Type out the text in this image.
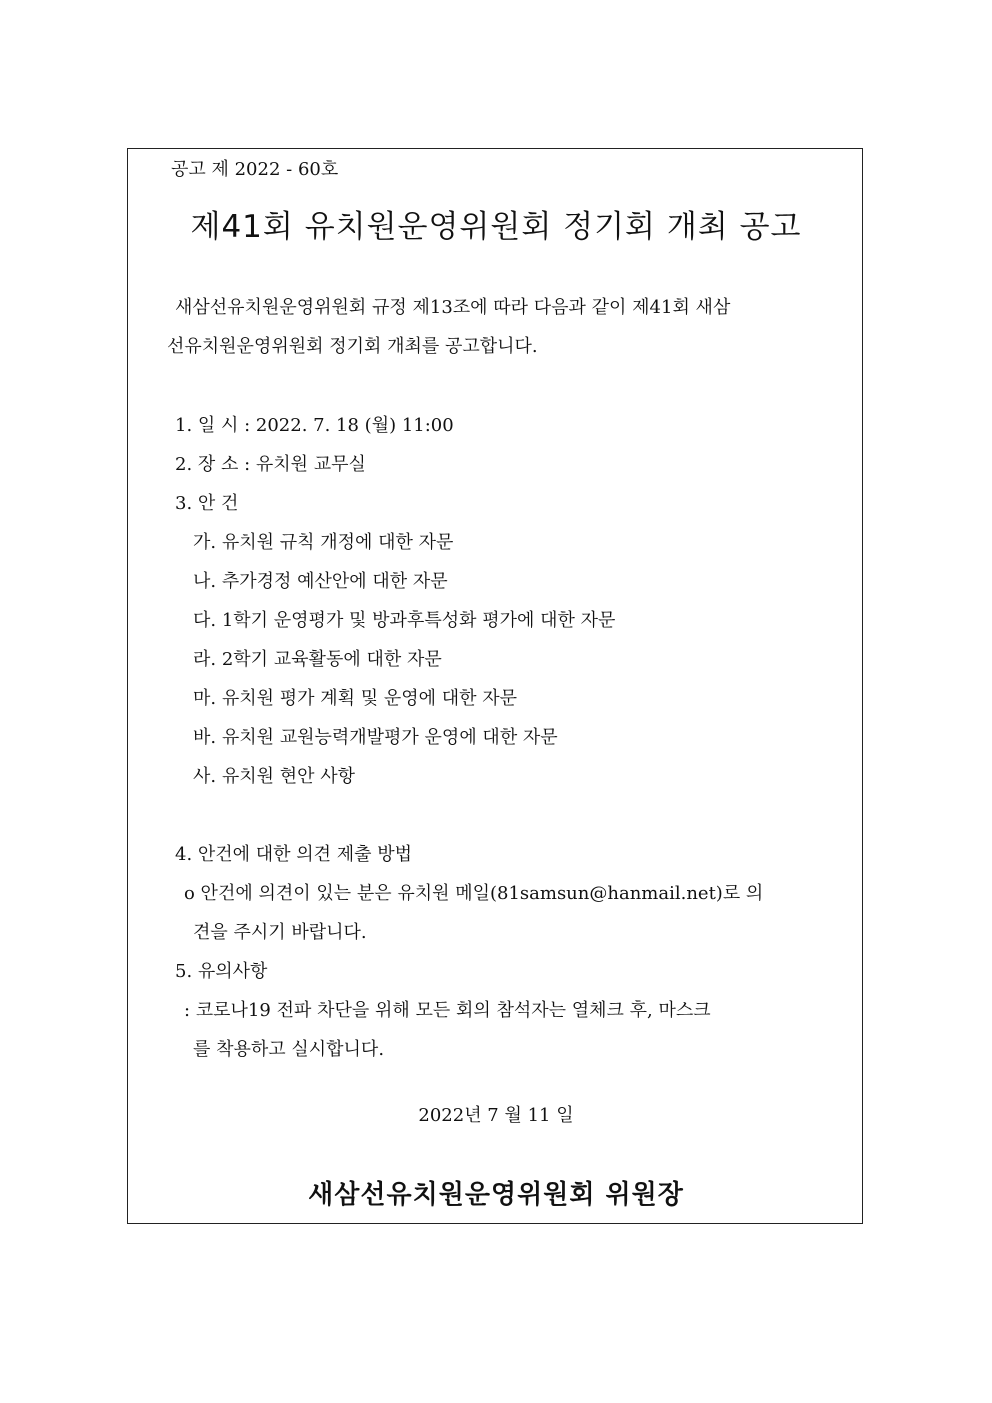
공고 제 2022 - 60호
제41회 유치원운영위원회 정기회 개최 공고
새삼선유치원운영위원회 규정 제13조에 따라 다음과 같이 제41회 새삼
선유치원운영위원회 정기회 개최를 공고합니다.
1. 일 시 : 2022. 7. 18 (월) 11:00
2. 장 소 : 유치원 교무실
3. 안 건
가. 유치원 규칙 개정에 대한 자문
나. 추가경정 예산안에 대한 자문
다. 1학기 운영평가 및 방과후특성화 평가에 대한 자문
라. 2학기 교육활동에 대한 자문
마. 유치원 평가 계획 및 운영에 대한 자문
바. 유치원 교원능력개발평가 운영에 대한 자문
사. 유치원 현안 사항
4. 안건에 대한 의견 제출 방법
o 안건에 의견이 있는 분은 유치원 메일(81samsun@hanmail.net)로 의
견을 주시기 바랍니다.
5. 유의사항
: 코로나19 전파 차단을 위해 모든 회의 참석자는 열체크 후, 마스크
를 착용하고 실시합니다.
2022년 7 월 11 일
새삼선유치원운영위원회 위원장
